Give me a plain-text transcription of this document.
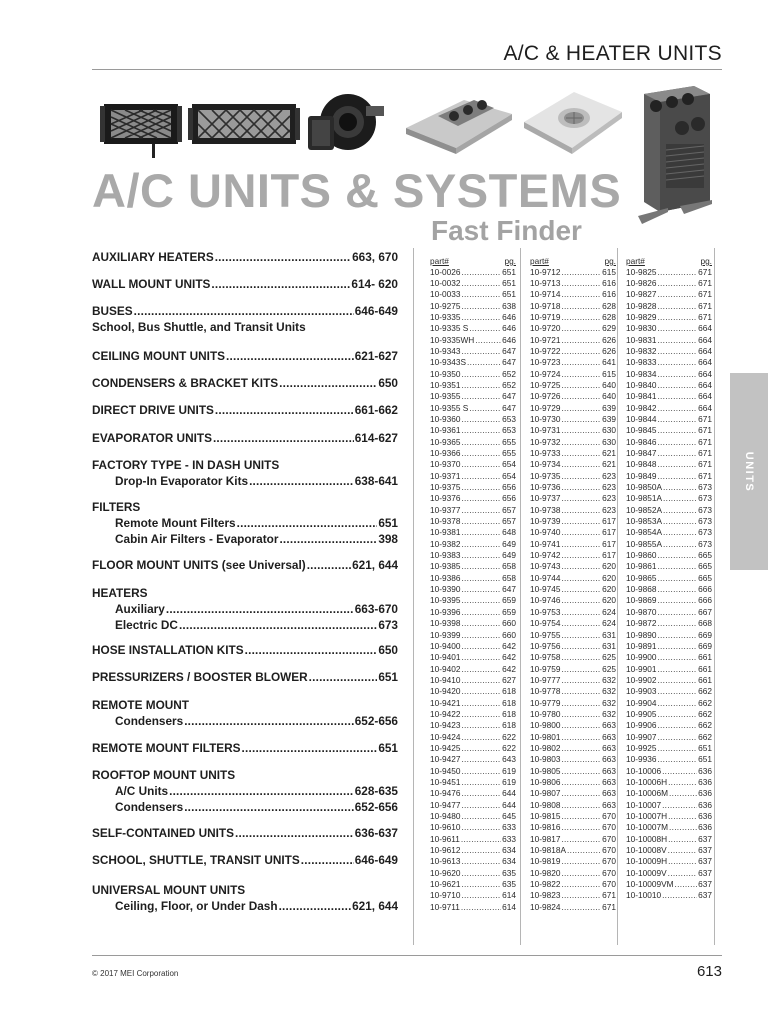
A/C & HEATER UNITS
A/C UNITS & SYSTEMS
Fast Finder
UNITS
AUXILIARY HEATERS .....	663, 670
WALL MOUNT UNITS .....	614- 620
BUSES .....	646-649
School, Bus Shuttle, and Transit Units
CEILING MOUNT UNITS .....	621-627
CONDENSERS & BRACKET KITS .....	650
DIRECT DRIVE UNITS .....	661-662
EVAPORATOR UNITS .....	614-627
FACTORY TYPE - IN DASH UNITS
Drop-In Evaporator Kits .....	638-641
FILTERS
Remote Mount Filters .....	651
Cabin Air Filters - Evaporator .....	398
FLOOR MOUNT UNITS (see Universal) .....	621, 644
HEATERS
Auxiliary .....	663-670
Electric DC .....	673
HOSE INSTALLATION KITS .....	650
PRESSURIZERS / BOOSTER BLOWER .....	651
REMOTE MOUNT
Condensers .....	652-656
REMOTE MOUNT FILTERS .....	651
ROOFTOP MOUNT UNITS
A/C Units .....	628-635
Condensers .....	652-656
SELF-CONTAINED UNITS .....	636-637
SCHOOL, SHUTTLE, TRANSIT UNITS .....	646-649
UNIVERSAL MOUNT UNITS
Ceiling, Floor, or Under Dash .....	621, 644
part#	pg.
10-0026 .....	651
10-0032 .....	651
10-0033 .....	651
10-9275 .....	638
10-9335 .....	646
10-9335 S .....	646
10-9335WH .....	646
10-9343 .....	647
10-9343S .....	647
10-9350 .....	652
10-9351 .....	652
10-9355 .....	647
10-9355 S .....	647
10-9360 .....	653
10-9361 .....	653
10-9365 .....	655
10-9366 .....	655
10-9370 .....	654
10-9371 .....	654
10-9375 .....	656
10-9376 .....	656
10-9377 .....	657
10-9378 .....	657
10-9381 .....	648
10-9382 .....	649
10-9383 .....	649
10-9385 .....	658
10-9386 .....	658
10-9390 .....	647
10-9395 .....	659
10-9396 .....	659
10-9398 .....	660
10-9399 .....	660
10-9400 .....	642
10-9401 .....	642
10-9402 .....	642
10-9410 .....	627
10-9420 .....	618
10-9421 .....	618
10-9422 .....	618
10-9423 .....	618
10-9424 .....	622
10-9425 .....	622
10-9427 .....	643
10-9450 .....	619
10-9451 .....	619
10-9476 .....	644
10-9477 .....	644
10-9480 .....	645
10-9610 .....	633
10-9611 .....	633
10-9612 .....	634
10-9613 .....	634
10-9620 .....	635
10-9621 .....	635
10-9710 .....	614
10-9711 .....	614
part#	pg.
10-9712 .....	615
10-9713 .....	616
10-9714 .....	616
10-9718 .....	628
10-9719 .....	628
10-9720 .....	629
10-9721 .....	626
10-9722 .....	626
10-9723 .....	641
10-9724 .....	615
10-9725 .....	640
10-9726 .....	640
10-9729 .....	639
10-9730 .....	639
10-9731 .....	630
10-9732 .....	630
10-9733 .....	621
10-9734 .....	621
10-9735 .....	623
10-9736 .....	623
10-9737 .....	623
10-9738 .....	623
10-9739 .....	617
10-9740 .....	617
10-9741 .....	617
10-9742 .....	617
10-9743 .....	620
10-9744 .....	620
10-9745 .....	620
10-9746 .....	620
10-9753 .....	624
10-9754 .....	624
10-9755 .....	631
10-9756 .....	631
10-9758 .....	625
10-9759 .....	625
10-9777 .....	632
10-9778 .....	632
10-9779 .....	632
10-9780 .....	632
10-9800 .....	663
10-9801 .....	663
10-9802 .....	663
10-9803 .....	663
10-9805 .....	663
10-9806 .....	663
10-9807 .....	663
10-9808 .....	663
10-9815 .....	670
10-9816 .....	670
10-9817 .....	670
10-9818A .....	670
10-9819 .....	670
10-9820 .....	670
10-9822 .....	670
10-9823 .....	671
10-9824 .....	671
part#	pg.
10-9825 .....	671
10-9826 .....	671
10-9827 .....	671
10-9828 .....	671
10-9829 .....	671
10-9830 .....	664
10-9831 .....	664
10-9832 .....	664
10-9833 .....	664
10-9834 .....	664
10-9840 .....	664
10-9841 .....	664
10-9842 .....	664
10-9844 .....	671
10-9845 .....	671
10-9846 .....	671
10-9847 .....	671
10-9848 .....	671
10-9849 .....	671
10-9850A .....	673
10-9851A .....	673
10-9852A .....	673
10-9853A .....	673
10-9854A .....	673
10-9855A .....	673
10-9860 .....	665
10-9861 .....	665
10-9865 .....	665
10-9868 .....	666
10-9869 .....	666
10-9870 .....	667
10-9872 .....	668
10-9890 .....	669
10-9891 .....	669
10-9900 .....	661
10-9901 .....	661
10-9902 .....	661
10-9903 .....	662
10-9904 .....	662
10-9905 .....	662
10-9906 .....	662
10-9907 .....	662
10-9925 .....	651
10-9936 .....	651
10-10006 .....	636
10-10006H .....	636
10-10006M .....	636
10-10007 .....	636
10-10007H .....	636
10-10007M .....	636
10-10008H .....	637
10-10008V .....	637
10-10009H .....	637
10-10009V .....	637
10-10009VM .....	637
10-10010 .....	637
© 2017 MEI Corporation	613
